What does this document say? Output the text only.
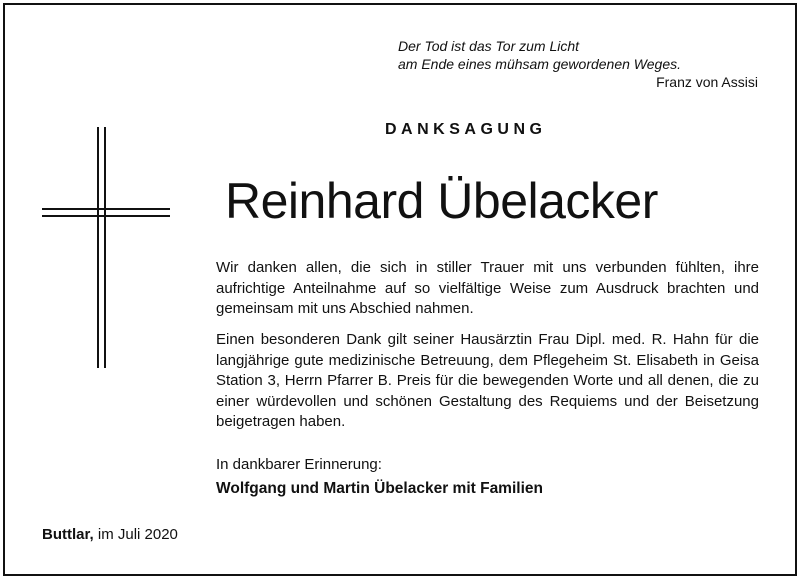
Der Tod ist das Tor zum Licht
am Ende eines mühsam gewordenen Weges.
Franz von Assisi
DANKSAGUNG
Reinhard Übelacker

Wir danken allen, die sich in stiller Trauer mit uns verbunden fühlten, ihre aufrichtige Anteilnahme auf so vielfältige Weise zum Ausdruck brachten und gemeinsam mit uns Abschied nahmen.

Einen besonderen Dank gilt seiner Hausärztin Frau Dipl. med. R. Hahn für die langjährige gute medizinische Betreuung, dem Pflegeheim St. Elisabeth in Geisa Station 3, Herrn Pfarrer B. Preis für die bewegenden Worte und all denen, die zu einer würdevollen und schönen Gestaltung des Requiems und der Beisetzung beigetragen haben.

In dankbarer Erinnerung:
Wolfgang und Martin Übelacker mit Familien
Buttlar, im Juli 2020
